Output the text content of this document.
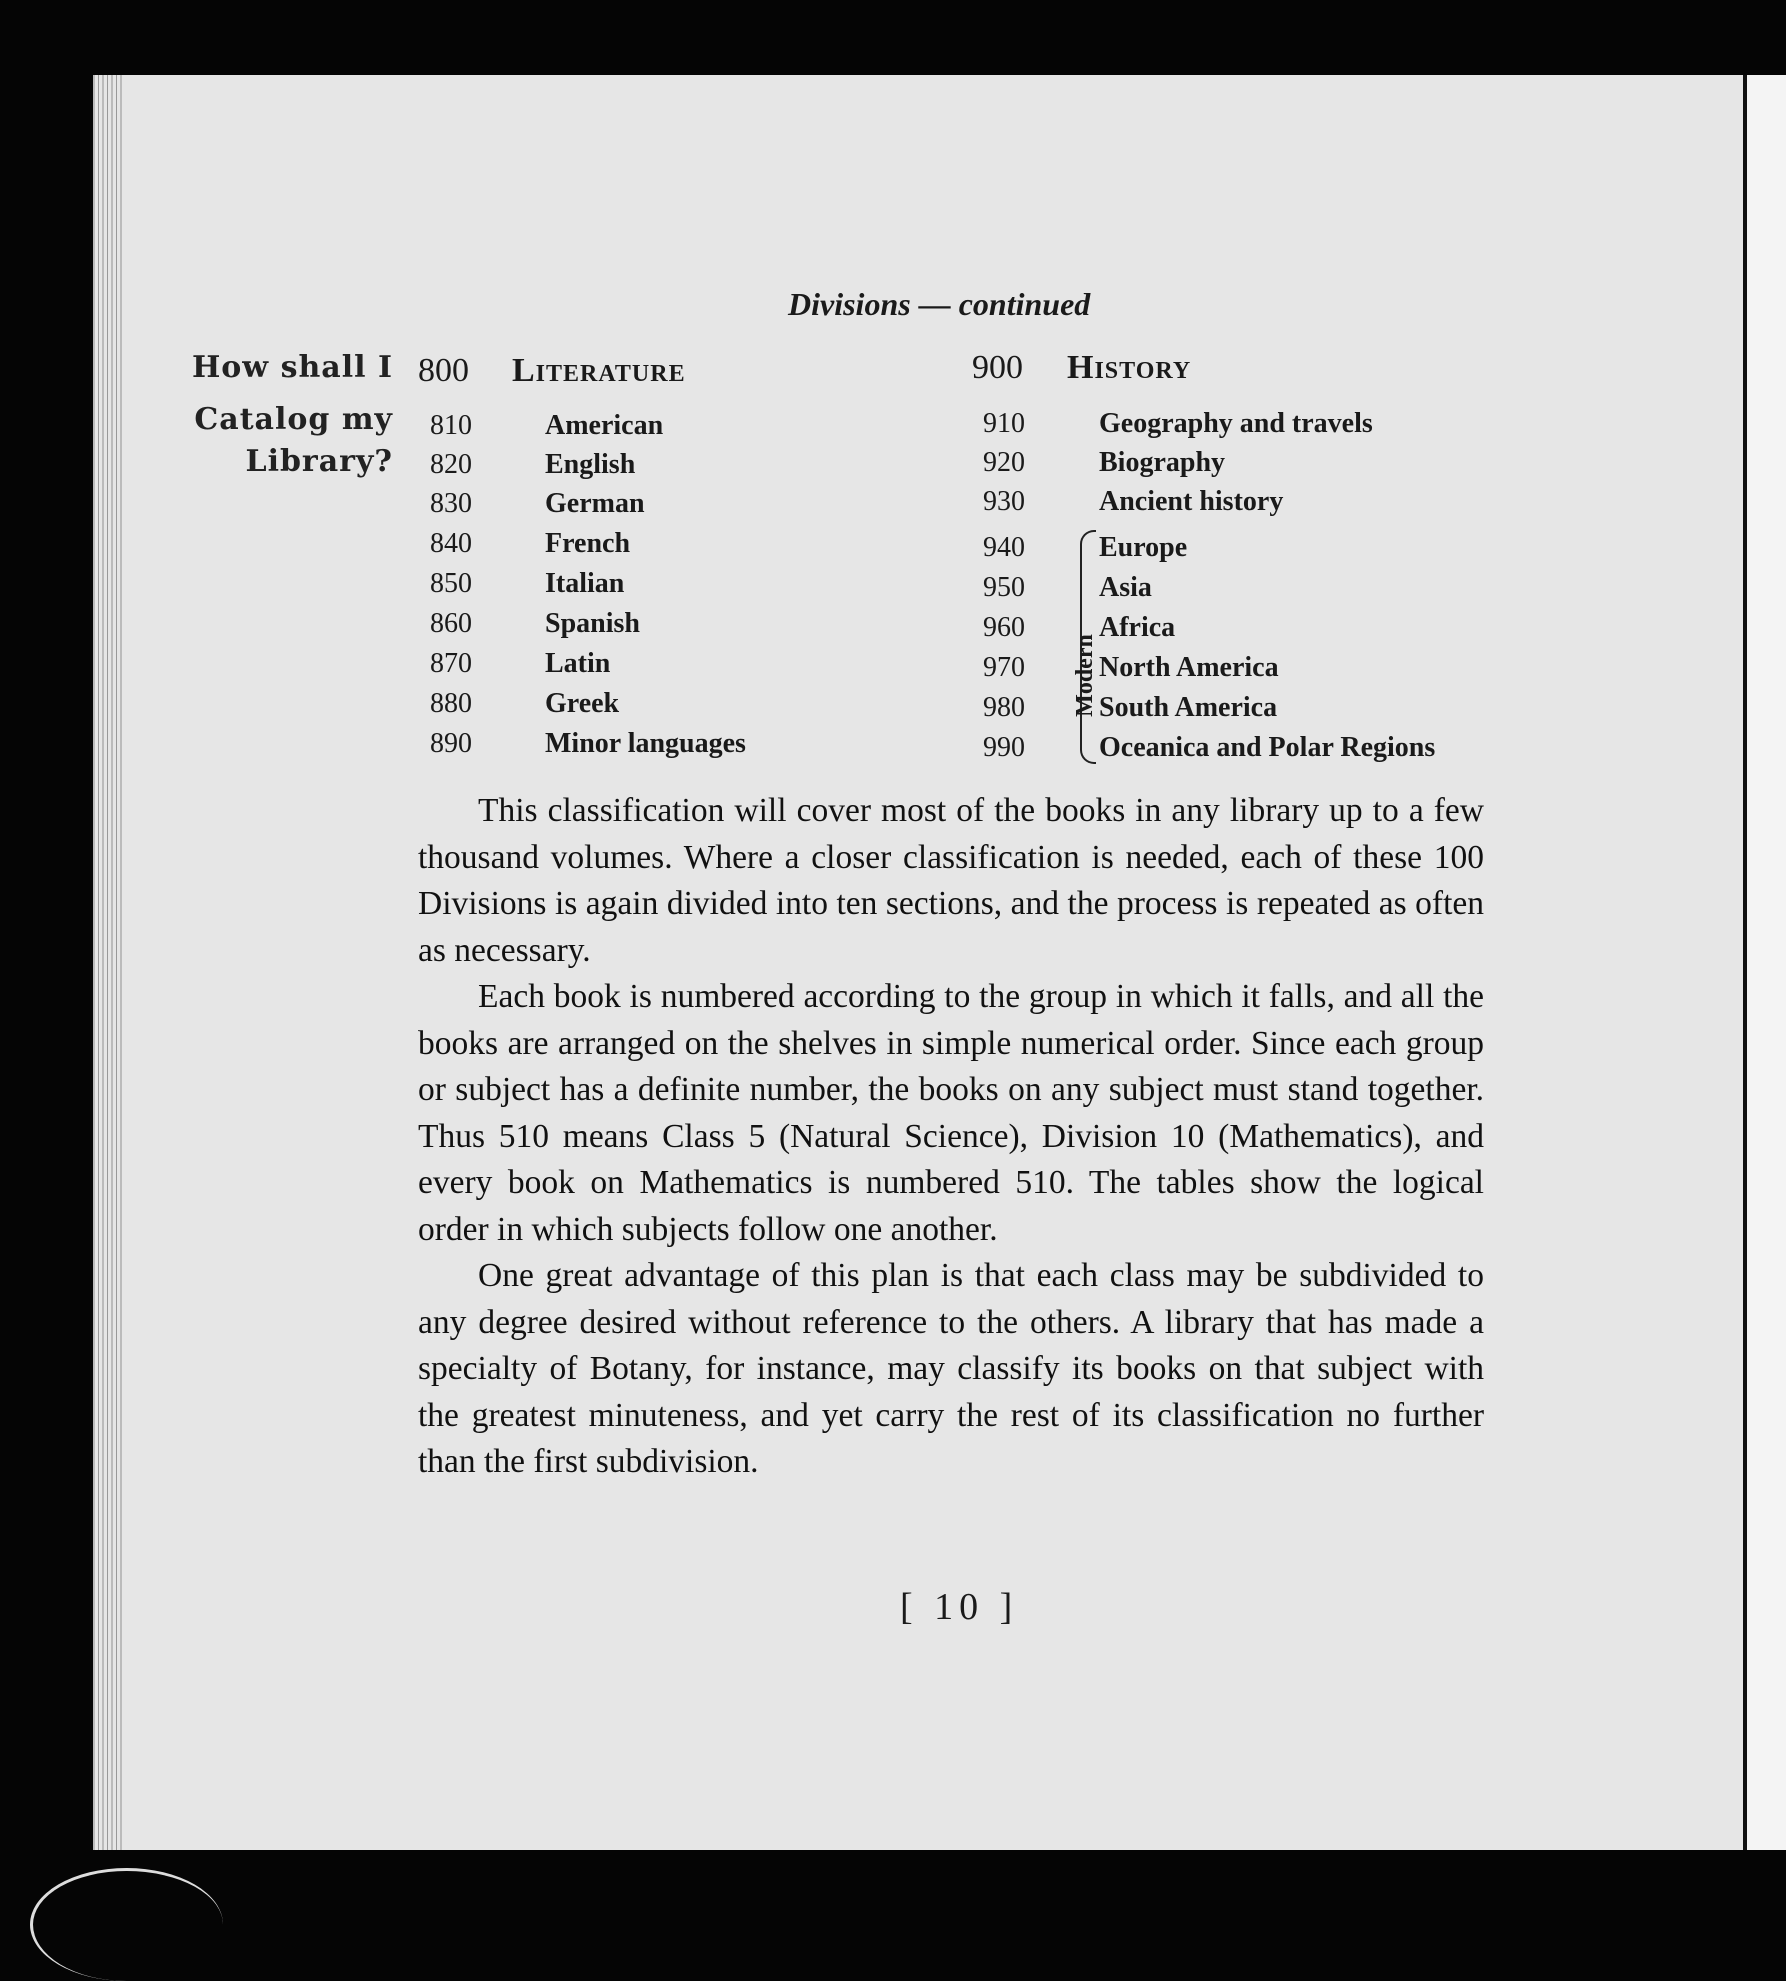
Divisions — continued
How shall I
Catalog my
Library?
800 Literature
810	American
820	English
830	German
840	French
850	Italian
860	Spanish
870	Latin
880	Greek
890	Minor languages
900 History
910	Geography and travels
920	Biography
930	Ancient history
940	Europe
950	Asia
960	Africa
970	North America
980	South America
990	Oceanica and Polar Regions
Modern

This classification will cover most of the books in any library up to a few thousand volumes. Where a closer classification is needed, each of these 100 Divisions is again divided into ten sections, and the process is repeated as often as necessary.

Each book is numbered according to the group in which it falls, and all the books are arranged on the shelves in simple numerical order. Since each group or subject has a definite number, the books on any subject must stand together. Thus 510 means Class 5 (Natural Science), Division 10 (Mathematics), and every book on Mathematics is numbered 510. The tables show the logical order in which subjects follow one another.

One great advantage of this plan is that each class may be subdivided to any degree desired without reference to the others. A library that has made a specialty of Botany, for instance, may classify its books on that subject with the greatest minuteness, and yet carry the rest of its classification no further than the first subdivision.

[ 10 ]
